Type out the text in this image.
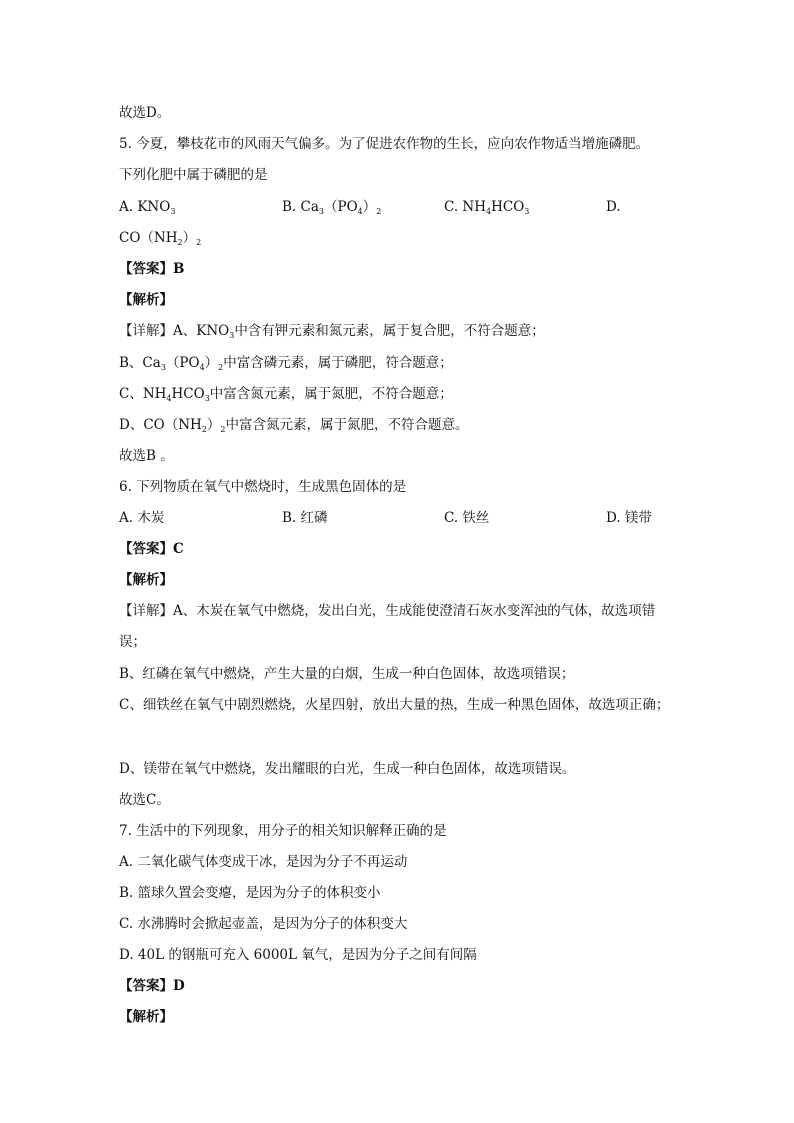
故选D。
5. 今夏，攀枝花市的风雨天气偏多。为了促进农作物的生长，应向农作物适当增施磷肥。
下列化肥中属于磷肥的是
A. $KNO_3$	B. $Ca_3(PO_4)_2$	C. $NH_4HCO_3$	D.
$CO(NH_2)_2$
【答案】B
【解析】
【详解】A、$KNO_3$中含有钾元素和氮元素，属于复合肥，不符合题意；
B、$Ca_3(PO_4)_2$中富含磷元素，属于磷肥，符合题意；
C、$NH_4HCO_3$中富含氮元素，属于氮肥，不符合题意；
D、$CO(NH_2)_2$中富含氮元素，属于氮肥，不符合题意。
故选B 。
6. 下列物质在氧气中燃烧时，生成黑色固体的是
A. 木炭	B. 红磷	C. 铁丝	D. 镁带
【答案】C
【解析】
【详解】A、木炭在氧气中燃烧，发出白光，生成能使澄清石灰水变浑浊的气体，故选项错
误；
B、红磷在氧气中燃烧，产生大量的白烟，生成一种白色固体，故选项错误；
C、细铁丝在氧气中剧烈燃烧，火星四射，放出大量的热，生成一种黑色固体，故选项正确；
D、镁带在氧气中燃烧，发出耀眼的白光，生成一种白色固体，故选项错误。
故选C。
7. 生活中的下列现象，用分子的相关知识解释正确的是
A. 二氧化碳气体变成干冰，是因为分子不再运动
B. 篮球久置会变瘪，是因为分子的体积变小
C. 水沸腾时会掀起壶盖，是因为分子的体积变大
D. 40L 的钢瓶可充入 6000L 氧气，是因为分子之间有间隔
【答案】D
【解析】
